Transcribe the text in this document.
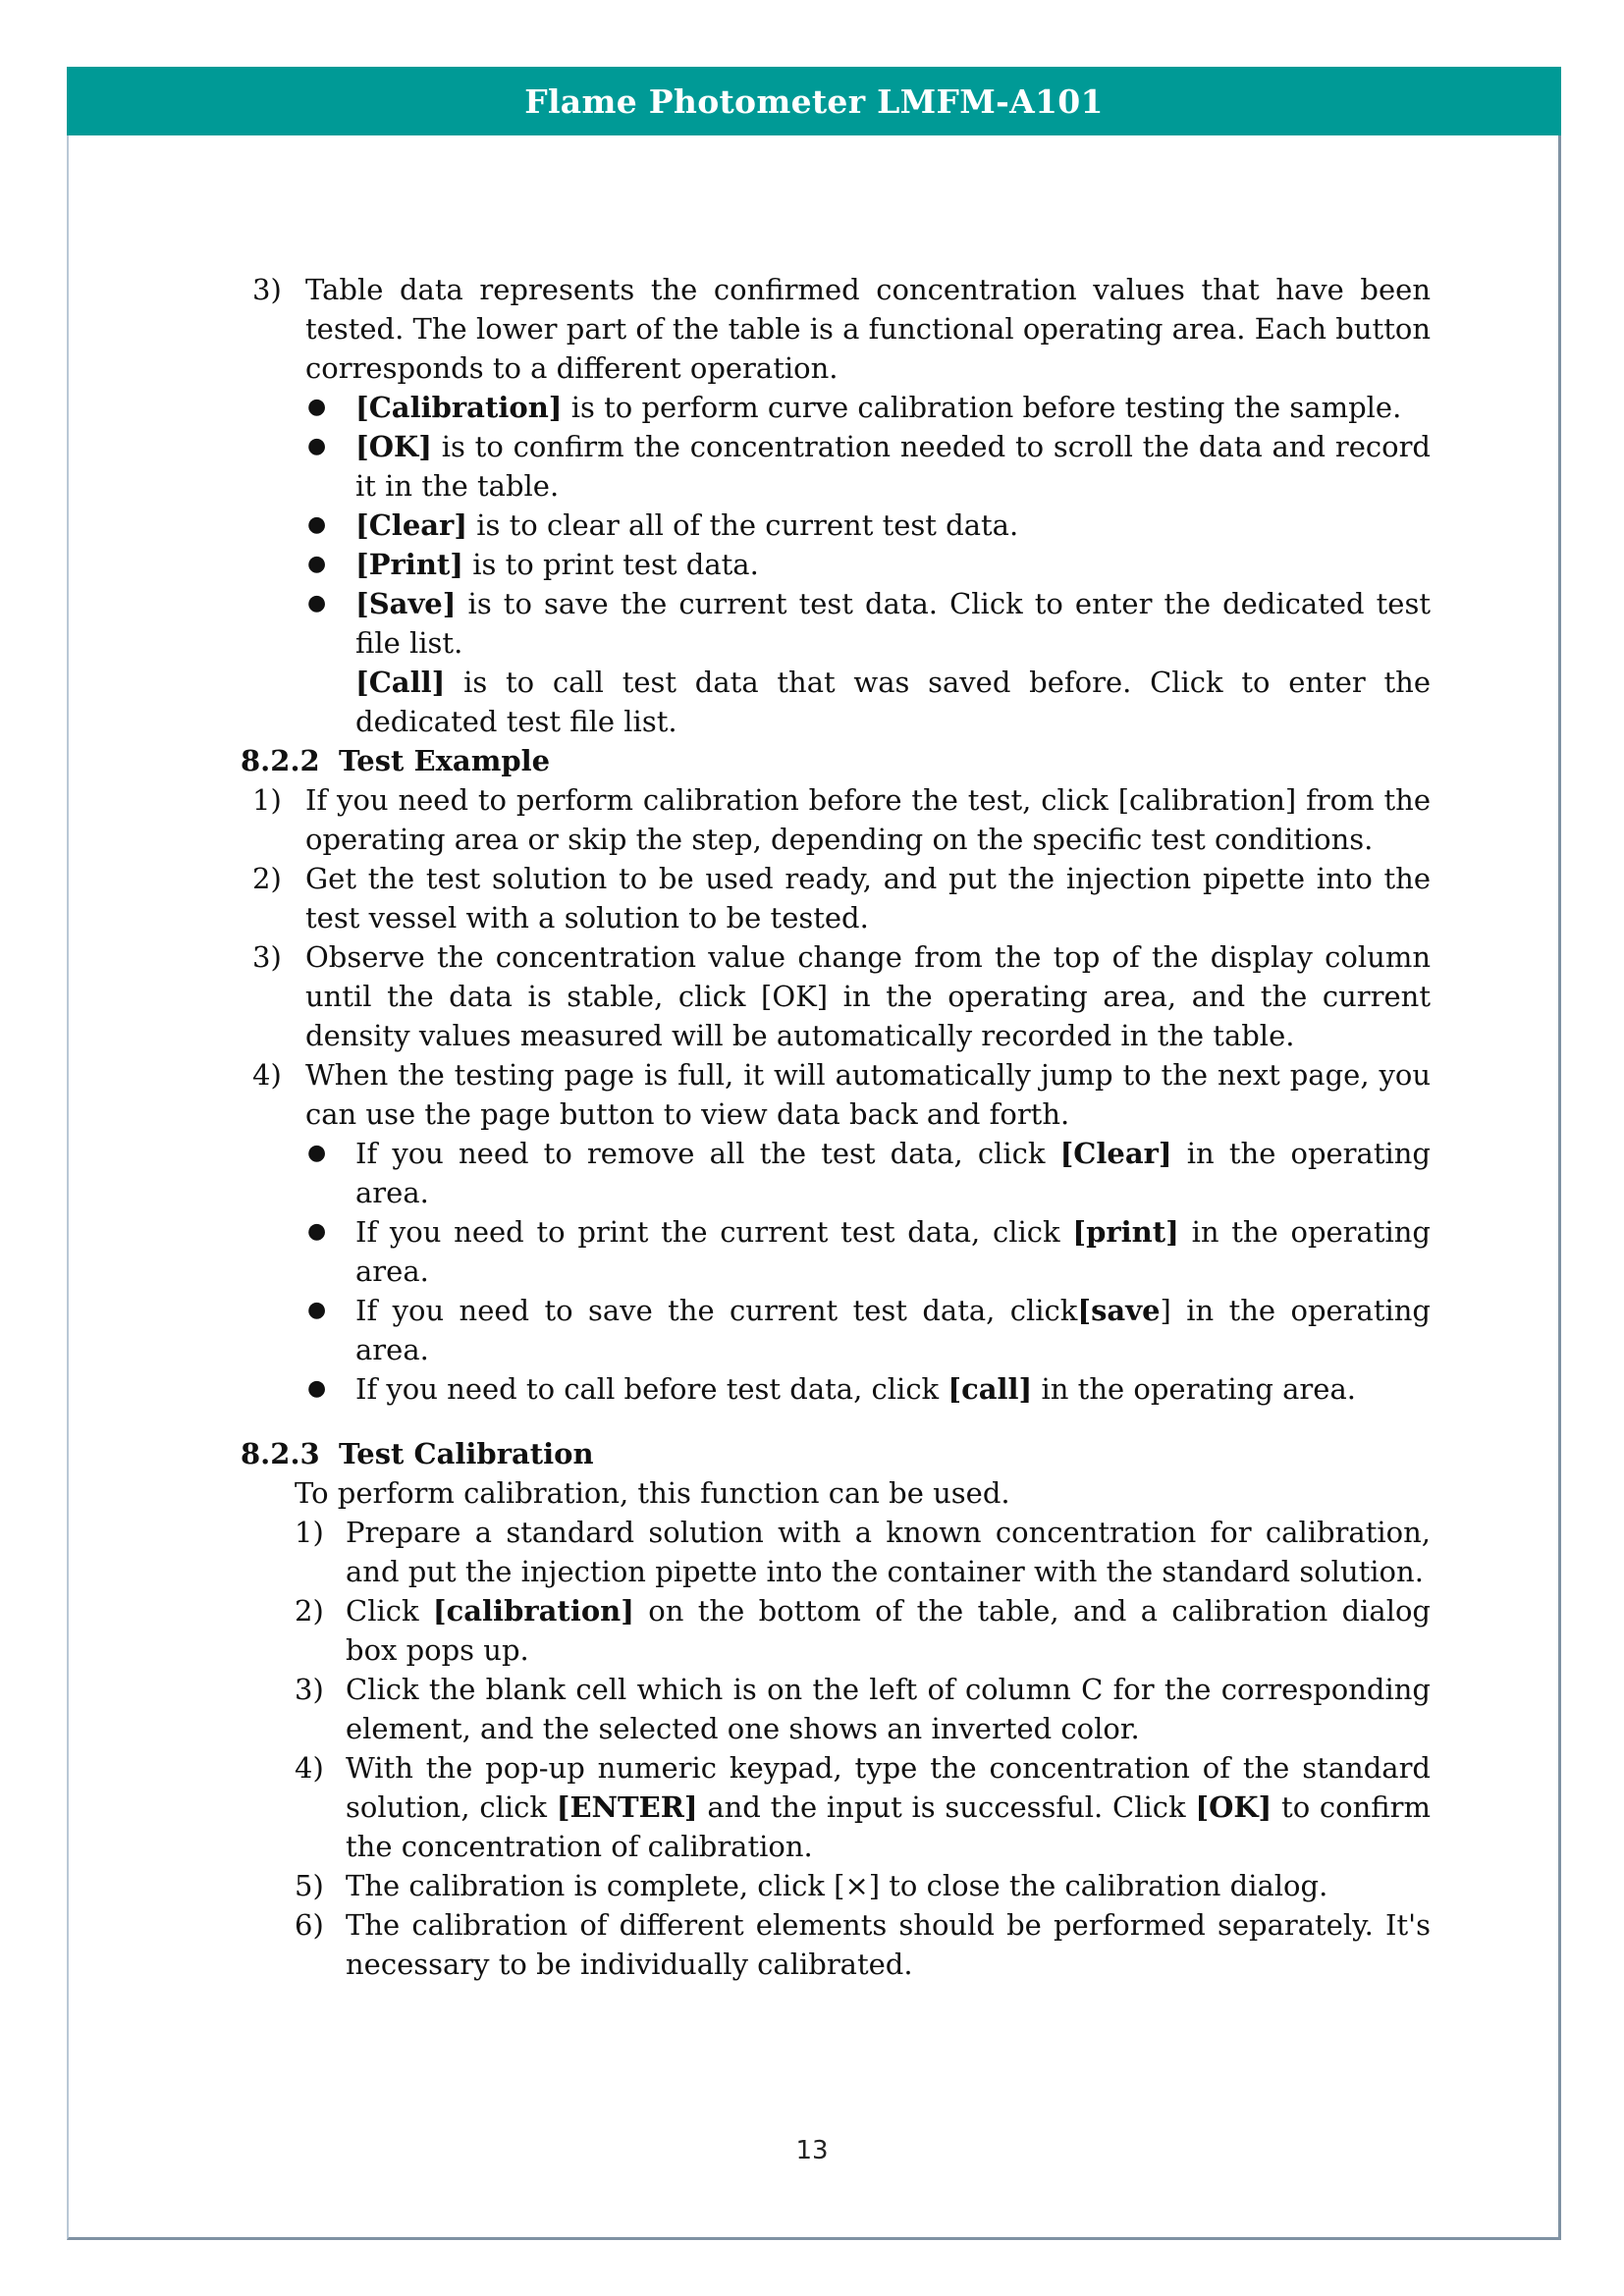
Flame Photometer LMFM-A101
3) Table data represents the confirmed concentration values that have been tested. The lower part of the table is a functional operating area. Each button corresponds to a different operation.
● [Calibration] is to perform curve calibration before testing the sample.
● [OK] is to confirm the concentration needed to scroll the data and record it in the table.
● [Clear] is to clear all of the current test data.
● [Print] is to print test data.
● [Save] is to save the current test data. Click to enter the dedicated test file list.
[Call] is to call test data that was saved before. Click to enter the dedicated test file list.
8.2.2 Test Example
1) If you need to perform calibration before the test, click [calibration] from the operating area or skip the step, depending on the specific test conditions.
2) Get the test solution to be used ready, and put the injection pipette into the test vessel with a solution to be tested.
3) Observe the concentration value change from the top of the display column until the data is stable, click [OK] in the operating area, and the current density values measured will be automatically recorded in the table.
4) When the testing page is full, it will automatically jump to the next page, you can use the page button to view data back and forth.
● If you need to remove all the test data, click [Clear] in the operating area.
● If you need to print the current test data, click [print] in the operating area.
● If you need to save the current test data, click[save] in the operating area.
● If you need to call before test data, click [call] in the operating area.
8.2.3 Test Calibration
To perform calibration, this function can be used.
1) Prepare a standard solution with a known concentration for calibration, and put the injection pipette into the container with the standard solution.
2) Click [calibration] on the bottom of the table, and a calibration dialog box pops up.
3) Click the blank cell which is on the left of column C for the corresponding element, and the selected one shows an inverted color.
4) With the pop-up numeric keypad, type the concentration of the standard solution, click [ENTER] and the input is successful. Click [OK] to confirm the concentration of calibration.
5) The calibration is complete, click [×] to close the calibration dialog.
6) The calibration of different elements should be performed separately. It's necessary to be individually calibrated.
13
